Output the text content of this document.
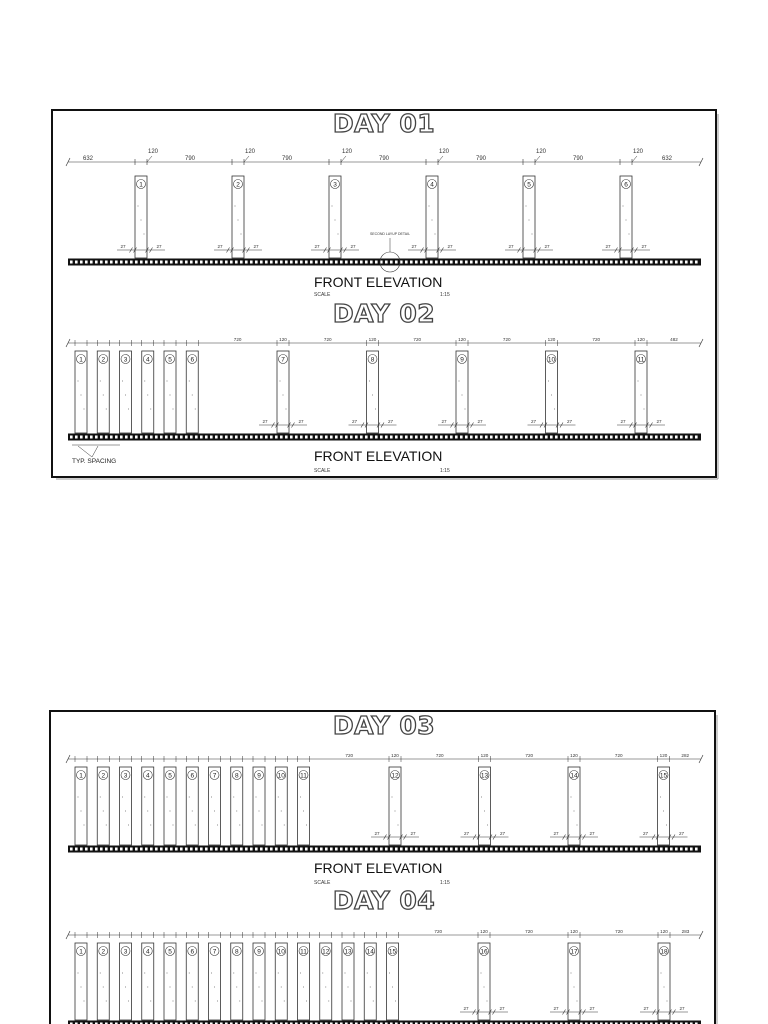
DAY 01
632
120
790
120
790
120
790
120
790
120
790
120
632
1	2	3	4	5	6
27	27	27	27	27	27	27	27	27	27	27	27
SECOND LAYUP DETAIL
FRONT ELEVATION
SCALE	1:15
DAY 02
720	120	720	120	720	120	720	120	720	120	482
1	2	3	4	5	6	7	8	9	10	11
27	27	27	27	27	27	27	27	27	27
TYP. SPACING	FRONT ELEVATION
SCALE	1:15
DAY 03
720	120	720	120	720	120	720	120	282
1	2	3	4	5	6	7	8	9	10 11	12	13	14	15
27	27	27	27	27	27	27	27
FRONT ELEVATION
SCALE	1:15
DAY 04
720	120	720	120	720	120	283
1	2	3	4	5	6	7	8	9	10 11 12 13 14 15	16	17	18
27	27	27	27	27	27
